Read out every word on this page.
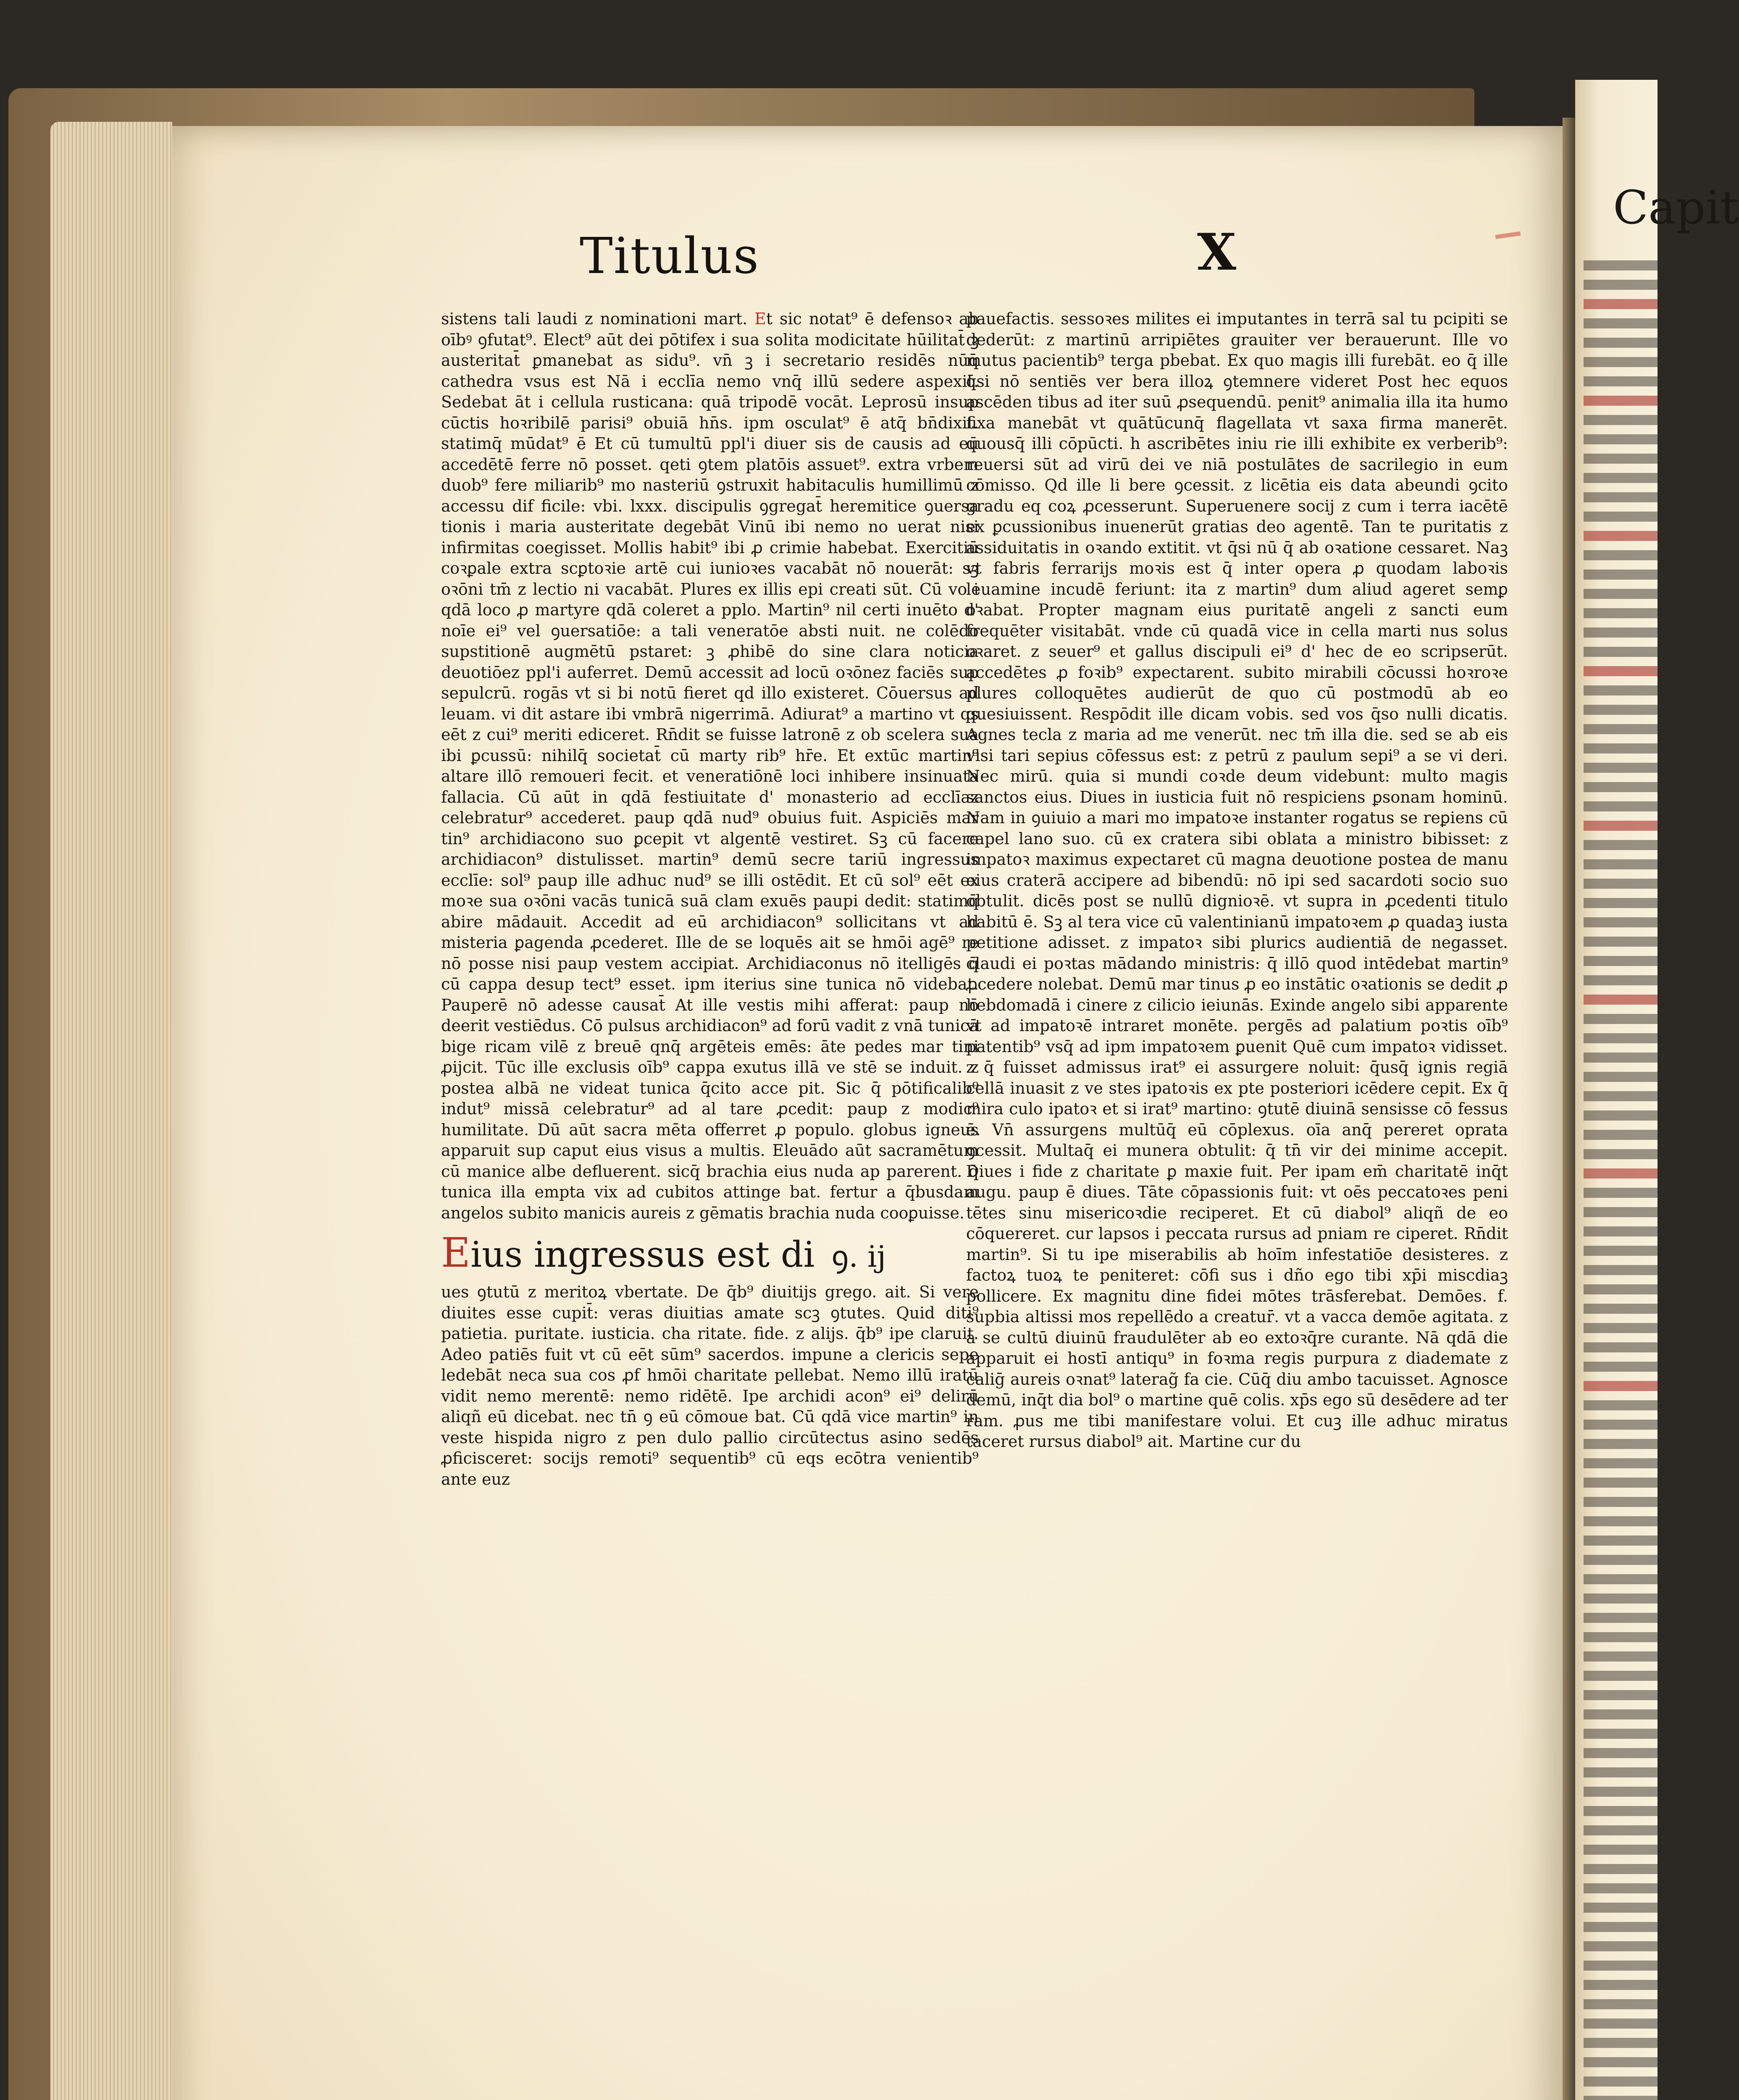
Capit
Titulus	X

sistens tali laudi z nominationi mart. Et sic notat⁹ ē defensoꝛ ab oībꝰ ꝯfutat⁹. Elect⁹ aūt dei pōtifex i sua solita modicitate hūilitat̄ ꝫ austeritat̄ ꝑmanebat as sidu⁹. vn̄ ꝫ i secretario residēs nūq̄ cathedra vsus est Nā i ecclīa nemo vnq̄ illū sedere aspexit. Sedebat āt i cellula rusticana: quā tripodē vocāt. Leprosū insup cūctis hoꝛribilē parisi⁹ obuiā hn̄s. ipm osculat⁹ ē atq̄ bn̄dixit. statimq̄ mūdat⁹ ē Et cū tumultū ppl'i diuer sis de causis ad eū accedētē ferre nō posset. qeti ꝯtem platōis assuet⁹. extra vrbem duob⁹ fere miliarib⁹ mo nasteriū ꝯstruxit habitaculis humillimū z accessu dif ficile: vbi. lxxx. discipulis ꝯgregat̄ heremitice ꝯuersa tionis i maria austeritate degebāt Vinū ibi nemo no uerat nisi infirmitas coegisset. Mollis habit⁹ ibi ꝓ crimie habebat. Exercitiū coꝛꝑale extra scꝑtoꝛie artē cui iunioꝛes vacabāt nō nouerāt: sꝫ oꝛōni tm̄ z lectio ni vacabāt. Plures ex illis epi creati sūt. Cū vo i qdā loco ꝓ martyre qdā coleret a pplo. Martin⁹ nil certi inuēto d' noīe ei⁹ vel ꝯuersatiōe: a tali veneratōe absti nuit. ne colēdo supstitionē augmētū pstaret: ꝫ ꝓhibē do sine clara noticia deuotiōez ppl'i auferret. Demū accessit ad locū oꝛōnez faciēs sup sepulcrū. rogās vt si bi notū fieret qd illo existeret. Cōuersus ad leuam. vi dit astare ibi vmbrā nigerrimā. Adiurat⁹ a martino vt qs eēt z cui⁹ meriti ediceret. Rn̄dit se fuisse latronē z ob scelera sua ibi ꝑcussū: nihilq̄ societat̄ cū marty rib⁹ hr̄e. Et extūc martin⁹ altare illō remoueri fecit. et veneratiōnē loci inhibere insinuata fallacia. Cū aūt in qdā festiuitate d' monasterio ad ecclīaz celebratur⁹ accederet. paup qdā nud⁹ obuius fuit. Aspiciēs mar tin⁹ archidiacono suo ꝑcepit vt algentē vestiret. Sꝫ cū facere archidiacon⁹ distulisset. martin⁹ demū secre tariū ingressus ecclīe: sol⁹ paup ille adhuc nud⁹ se illi ostēdit. Et cū sol⁹ eēt ex moꝛe sua oꝛōni vacās tunicā suā clam exuēs paupi dedit: statimq̄ abire mādauit. Accedit ad eū archidiacon⁹ sollicitans vt ad misteria ꝑagenda ꝓcederet. Ille de se loquēs ait se hmōi agē⁹ re nō posse nisi paup vestem accipiat. Archidiaconus nō itelligēs q̄ cū cappa desup tect⁹ esset. ipm iterius sine tunica nō videbat. Pauperē nō adesse causat̄ At ille vestis mihi afferat: paup nō deerit vestiēdus. Cō pulsus archidiacon⁹ ad forū vadit z vnā tunicā bige ricam vilē z breuē qnq̄ argēteis emēs: āte pedes mar tini ꝓijcit. Tūc ille exclusis oīb⁹ cappa exutus illā ve stē se induit. z postea albā ne videat tunica q̄cito acce pit. Sic q̄ pōtificalib⁹ indut⁹ missā celebratur⁹ ad al tare ꝓcedit: paup z modic⁹ humilitate. Dū aūt sacra mēta offerret ꝓ populo. globus igneus apparuit sup caput eius visus a multis. Eleuādo aūt sacramētum cū manice albe defluerent. sicq̄ brachia eius nuda ap parerent. q̄ tunica illa empta vix ad cubitos attinge bat. fertur a q̄busdam angelos subito manicis aureis z gēmatis brachia nuda cooꝑuisse.

Eius ingressus est di ꝯ. ij

ues ꝯtutū z meritoꝝ vbertate. De q̄b⁹ diuitijs grego. ait. Si vere diuites esse cupit̄: veras diuitias amate scꝫ ꝯtutes. Quid diti⁹ patietia. puritate. iusticia. cha ritate. fide. z alijs. q̄b⁹ ipe claruit. Adeo patiēs fuit vt cū eēt sūm⁹ sacerdos. impune a clericis sepe ledebāt neca sua cos ꝓf hmōi charitate pellebat. Nemo illū iratū vidit nemo merentē: nemo ridētē. Ipe archidi acon⁹ ei⁹ delirū aliqñ eū dicebat. nec tn̄ ꝯ eū cōmoue bat. Cū qdā vice martin⁹ in veste hispida nigro z pen dulo pallio circūtectus asino sedēs ꝓficisceret: socijs remoti⁹ sequentib⁹ cū eqs ecōtra venientib⁹ ante euz

pauefactis. sessoꝛes milites ei imputantes in terrā sal tu pcipiti se dederūt: z martinū arripiētes grauiter ver berauerunt. Ille vo mutus pacientib⁹ terga pbebat. Ex quo magis illi furebāt. eo q̄ ille q̄si nō sentiēs ver bera illoꝝ ꝯtemnere videret Post hec equos ascēden tibus ad iter suū ꝓsequendū. penit⁹ animalia illa ita humo fixa manebāt vt quātūcunq̄ flagellata vt saxa firma manerēt. quousq̄ illi cōpūcti. h ascribētes iniu rie illi exhibite ex verberib⁹: reuersi sūt ad virū dei ve niā postulātes de sacrilegio in eum cōmisso. Qd ille li bere ꝯcessit. z licētia eis data abeundi ꝯcito gradu eq coꝝ ꝓcesserunt. Superuenere socij z cum i terra iacētē ex ꝑcussionibus inuenerūt gratias deo agentē. Tan te puritatis z assiduitatis in oꝛando extitit. vt q̄si nū q̄ ab oꝛatione cessaret. Naꝫ vt fabris ferrarijs moꝛis est q̄ inter opera ꝓ quodam laboꝛis leuamine incudē feriunt: ita z martin⁹ dum aliud ageret semꝑ oꝛabat. Propter magnam eius puritatē angeli z sancti eum frequēter visitabāt. vnde cū quadā vice in cella marti nus solus oꝛaret. z seuer⁹ et gallus discipuli ei⁹ d' hec de eo scripserūt. accedētes ꝓ foꝛib⁹ expectarent. subito mirabili cōcussi hoꝛroꝛe plures colloquētes audierūt de quo cū postmodū ab eo quesiuissent. Respōdit ille dicam vobis. sed vos q̄so nulli dicatis. Agnes tecla z maria ad me venerūt. nec tm̄ illa die. sed se ab eis visi tari sepius cōfessus est: z petrū z paulum sepi⁹ a se vi deri. Nec mirū. quia si mundi coꝛde deum videbunt: multo magis sanctos eius. Diues in iusticia fuit nō respiciens ꝑsonam hominū. Nam in ꝯuiuio a mari mo impatoꝛe instanter rogatus se reꝑiens cū capel lano suo. cū ex cratera sibi oblata a ministro bibisset: z impatoꝛ maximus expectaret cū magna deuotione postea de manu eius craterā accipere ad bibendū: nō ipi sed sacardoti socio suo obtulit. dicēs post se nullū dignioꝛē. vt supra in ꝓcedenti titulo habitū ē. Sꝫ al tera vice cū valentinianū impatoꝛem ꝓ quadaꝫ iusta petitione adisset. z impatoꝛ sibi plurics audientiā de negasset. claudi ei poꝛtas mādando ministris: q̄ illō quod intēdebat martin⁹ ꝓcedere nolebat. Demū mar tinus ꝓ eo instātic oꝛationis se dedit ꝓ hebdomadā i cinere z cilicio ieiunās. Exinde angelo sibi apparente vt ad impatoꝛē intraret monēte. pergēs ad palatium poꝛtis oīb⁹ patentib⁹ vsq̄ ad ipm impatoꝛem ꝑuenit Quē cum impatoꝛ vidisset. z q̄ fuisset admissus irat⁹ ei assurgere noluit: q̄usq̄ ignis regiā cellā inuasit z ve stes ipatoꝛis ex pte posteriori icēdere cepit. Ex q̄ mira culo ipatoꝛ et si irat⁹ martino: ꝯtutē diuinā sensisse cō fessus ē. Vn̄ assurgens multūq̄ eū cōplexus. oīa anq̄ pereret oprata ꝯcessit. Multaq̄ ei munera obtulit: q̄ tn̄ vir dei minime accepit. Diues i fide z charitate ꝑ maxie fuit. Per ipam em̄ charitatē inq̄t augu. paup ē diues. Tāte cōpassionis fuit: vt oēs peccatoꝛes peni tētes sinu misericoꝛdie reciperet. Et cū diabol⁹ aliqñ de eo cōquereret. cur lapsos i peccata rursus ad pniam re ciperet. Rn̄dit martin⁹. Si tu ipe miserabilis ab hoīm infestatiōe desisteres. z factoꝝ tuoꝝ te peniteret: cōfi sus i dño ego tibi xp̄i miscdiaꝫ pollicere. Ex magnitu dine fidei mōtes trāsferebat. Demōes. f. supbia altissi mos repellēdo a creatur̄. vt a vacca demōe agitata. z a se cultū diuinū fraudulēter ab eo extoꝛq̄re curante. Nā qdā die apparuit ei hostī antiqu⁹ in foꝛma regis purpura z diademate z caliḡ aureis oꝛnat⁹ laterag̃ fa cie. Cūq̄ diu ambo tacuisset. Agnosce demū, inq̄t dia bol⁹ o martine quē colis. xp̄s ego sū desēdere ad ter ram. ꝓus me tibi manifestare volui. Et cuꝫ ille adhuc miratus taceret rursus diabol⁹ ait. Martine cur du
